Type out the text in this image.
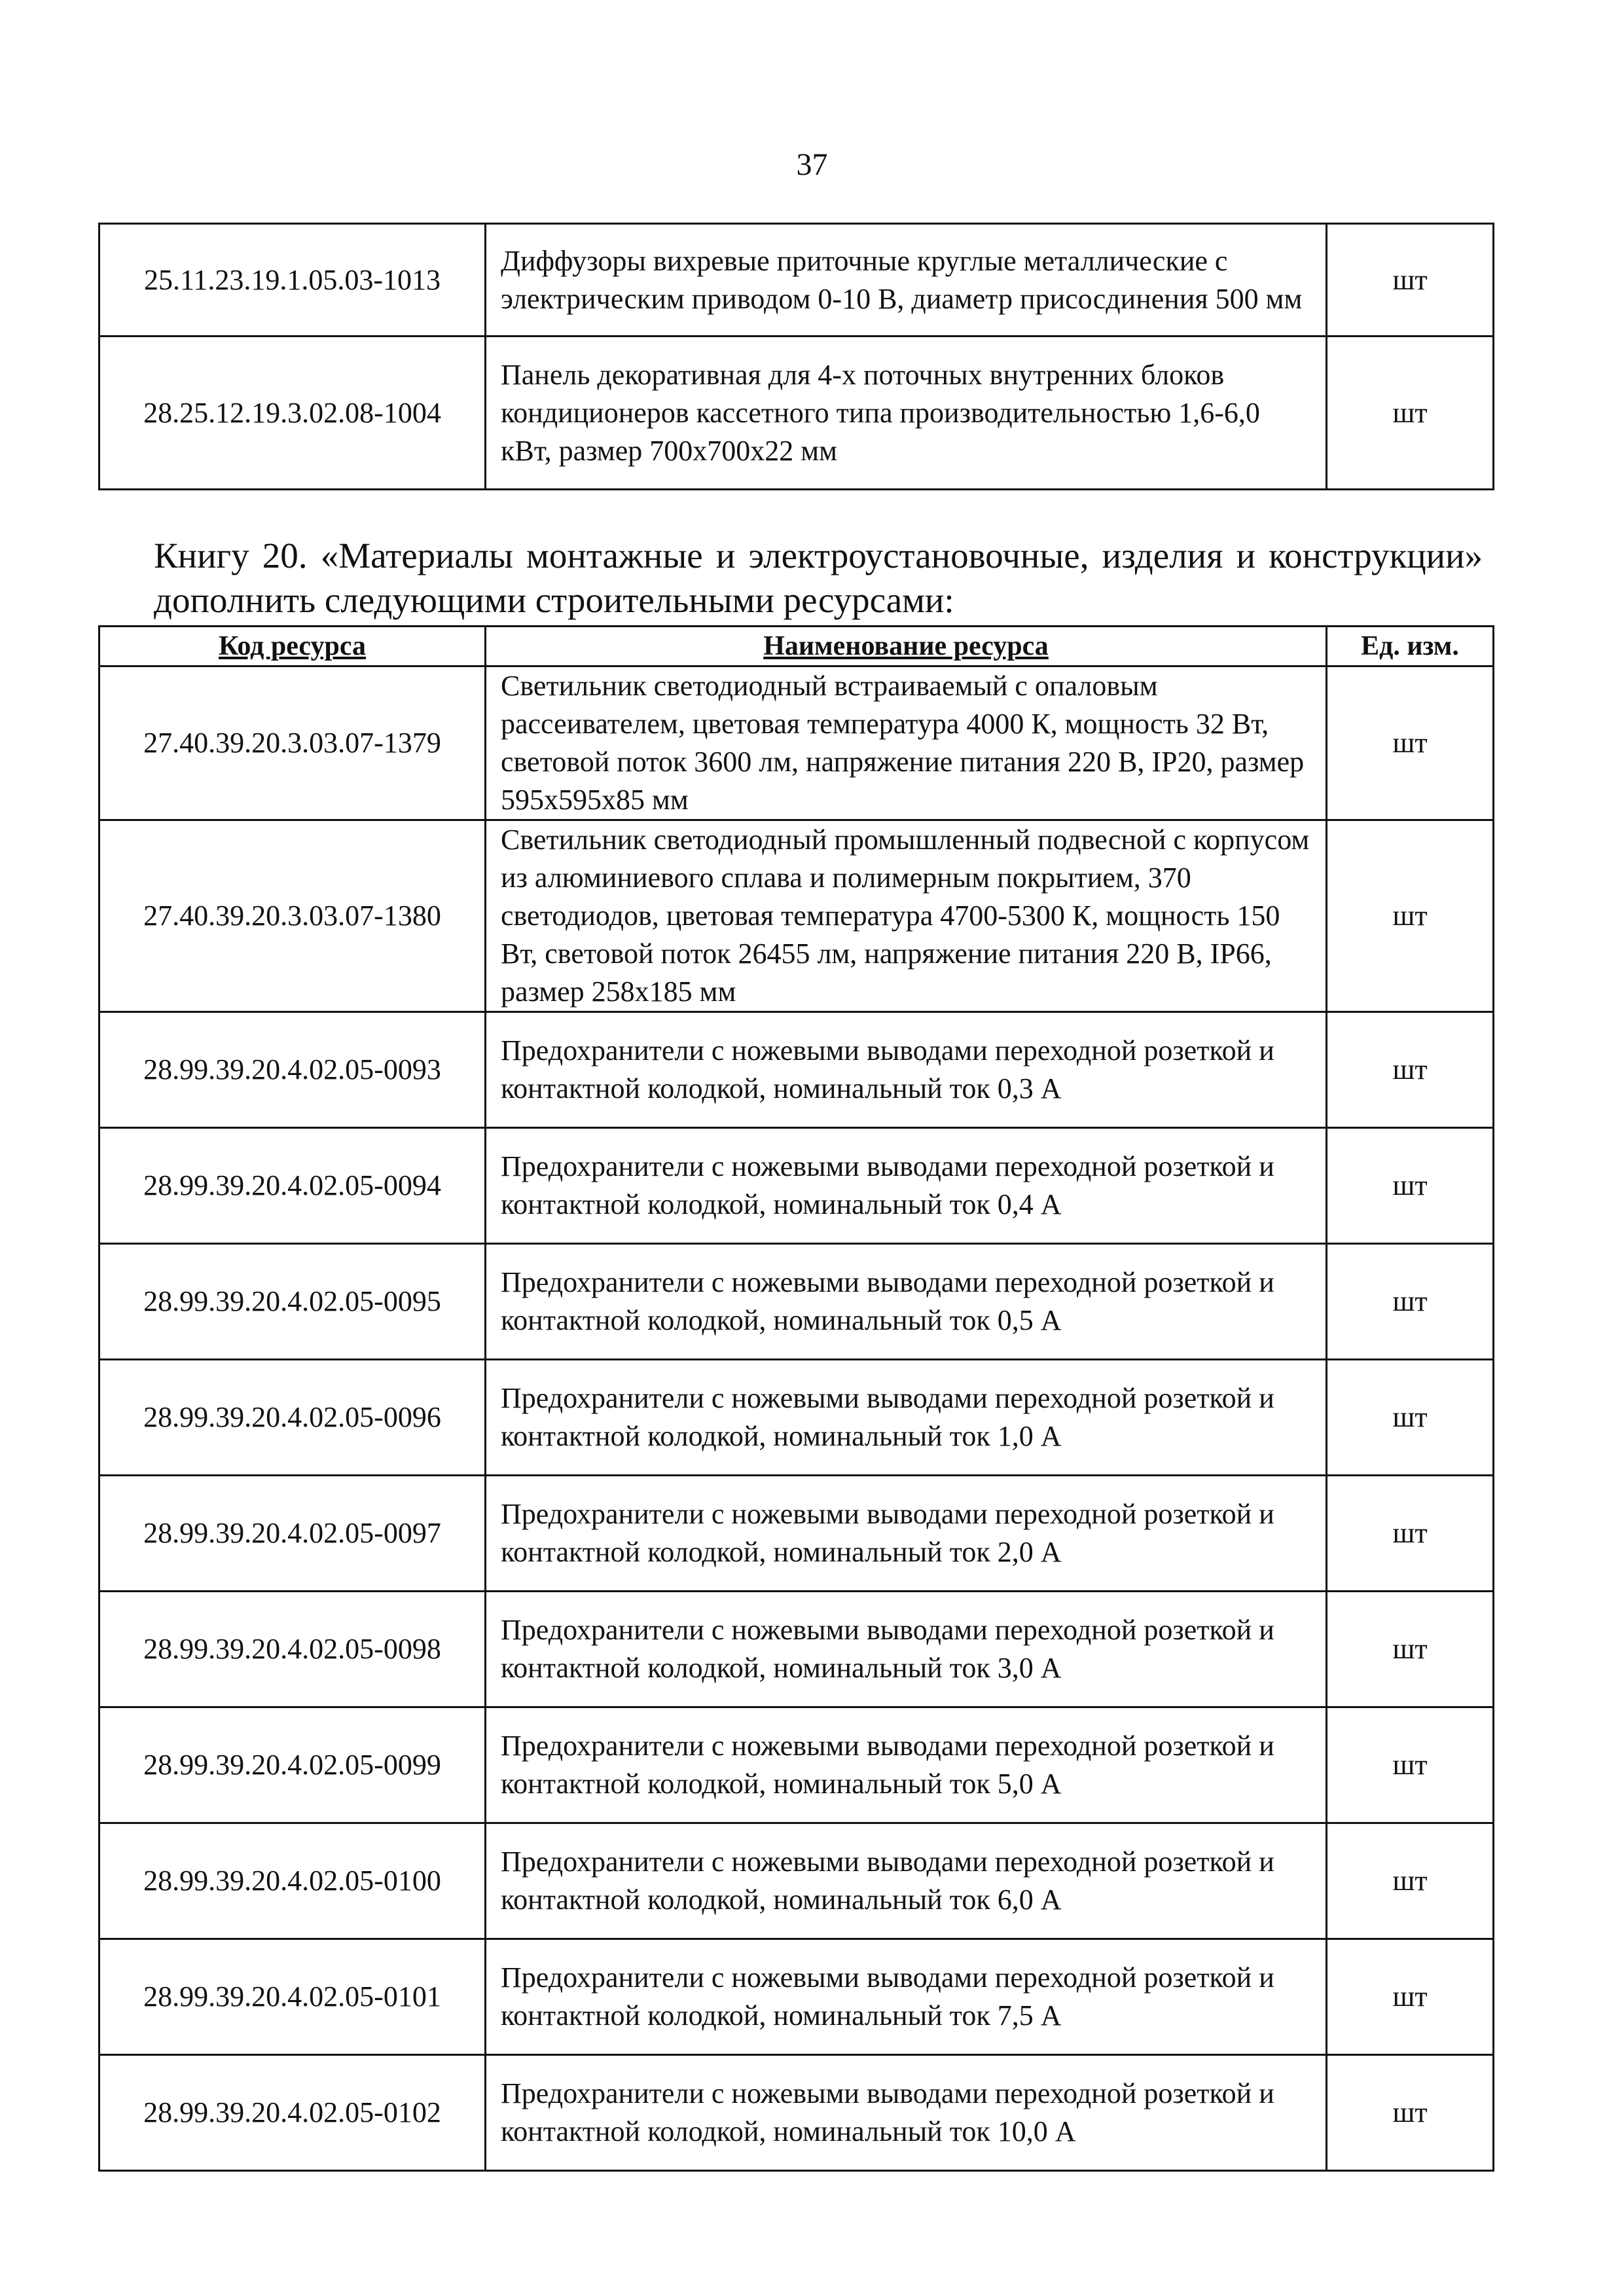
37
25.11.23.19.1.05.03-1013	Диффузоры вихревые приточные круглые металлические с электрическим приводом 0-10 В, диаметр присосдинения 500 мм	шт
28.25.12.19.3.02.08-1004	Панель декоративная для 4-х поточных внутренних блоков кондиционеров кассетного типа производительностью 1,6-6,0 кВт, размер 700х700х22 мм	шт

Книгу 20. «Материалы монтажные и электроустановочные, изделия и конструкции» дополнить следующими строительными ресурсами:

Код ресурса	Наименование ресурса	Ед. изм.
27.40.39.20.3.03.07-1379	Светильник светодиодный встраиваемый с опаловым рассеивателем, цветовая температура 4000 К, мощность 32 Вт, световой поток 3600 лм, напряжение питания 220 В, IP20, размер 595х595х85 мм	шт
27.40.39.20.3.03.07-1380	Светильник светодиодный промышленный подвесной с корпусом из алюминиевого сплава и полимерным покрытием, 370 светодиодов, цветовая температура 4700-5300 К, мощность 150 Вт, световой поток 26455 лм, напряжение питания 220 В, IP66, размер 258х185 мм	шт
28.99.39.20.4.02.05-0093	Предохранители с ножевыми выводами переходной розеткой и контактной колодкой, номинальный ток 0,3 А	шт
28.99.39.20.4.02.05-0094	Предохранители с ножевыми выводами переходной розеткой и контактной колодкой, номинальный ток 0,4 А	шт
28.99.39.20.4.02.05-0095	Предохранители с ножевыми выводами переходной розеткой и контактной колодкой, номинальный ток 0,5 А	шт
28.99.39.20.4.02.05-0096	Предохранители с ножевыми выводами переходной розеткой и контактной колодкой, номинальный ток 1,0 А	шт
28.99.39.20.4.02.05-0097	Предохранители с ножевыми выводами переходной розеткой и контактной колодкой, номинальный ток 2,0 А	шт
28.99.39.20.4.02.05-0098	Предохранители с ножевыми выводами переходной розеткой и контактной колодкой, номинальный ток 3,0 А	шт
28.99.39.20.4.02.05-0099	Предохранители с ножевыми выводами переходной розеткой и контактной колодкой, номинальный ток 5,0 А	шт
28.99.39.20.4.02.05-0100	Предохранители с ножевыми выводами переходной розеткой и контактной колодкой, номинальный ток 6,0 А	шт
28.99.39.20.4.02.05-0101	Предохранители с ножевыми выводами переходной розеткой и контактной колодкой, номинальный ток 7,5 А	шт
28.99.39.20.4.02.05-0102	Предохранители с ножевыми выводами переходной розеткой и контактной колодкой, номинальный ток 10,0 А	шт
